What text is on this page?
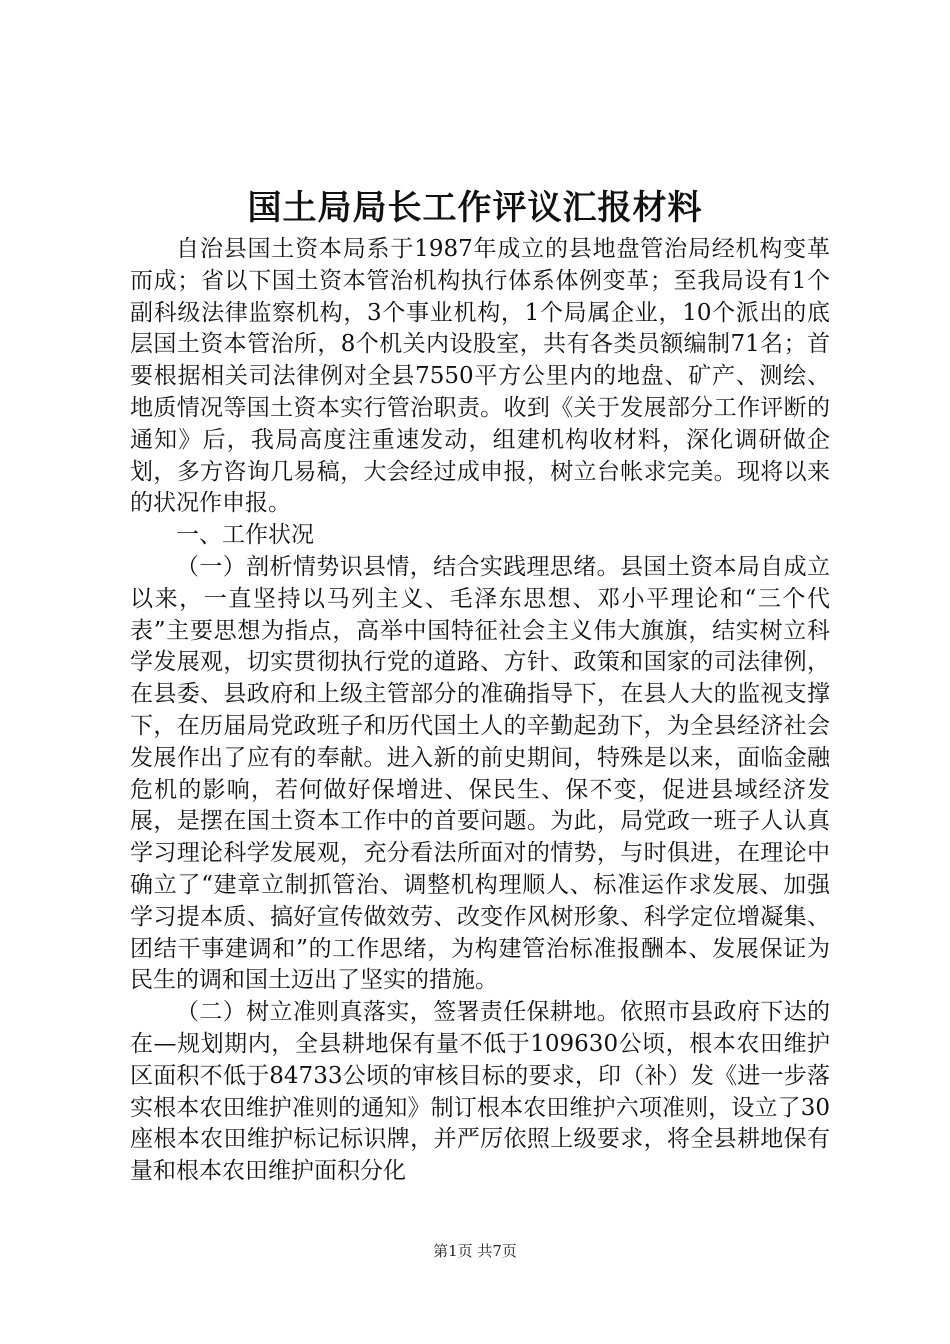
国土局局长工作评议汇报材料

自治县国土资本局系于1987年成立的县地盘管治局经机构变革而成；省以下国土资本管治机构执行体系体例变革；至我局设有1个副科级法律监察机构，3个事业机构，1个局属企业，10个派出的底层国土资本管治所，8个机关内设股室，共有各类员额编制71名；首要根据相关司法律例对全县7550平方公里内的地盘、矿产、测绘、地质情况等国土资本实行管治职责。收到《关于发展部分工作评断的通知》后，我局高度注重速发动，组建机构收材料，深化调研做企划，多方咨询几易稿，大会经过成申报，树立台帐求完美。现将以来的状况作申报。

一、工作状况

（一）剖析情势识县情，结合实践理思绪。县国土资本局自成立以来，一直坚持以马列主义、毛泽东思想、邓小平理论和“三个代表”主要思想为指点，高举中国特征社会主义伟大旗旗，结实树立科学发展观，切实贯彻执行党的道路、方针、政策和国家的司法律例，在县委、县政府和上级主管部分的准确指导下，在县人大的监视支撑下，在历届局党政班子和历代国土人的辛勤起劲下，为全县经济社会发展作出了应有的奉献。进入新的前史期间，特殊是以来，面临金融危机的影响，若何做好保增进、保民生、保不变，促进县域经济发展，是摆在国土资本工作中的首要问题。为此，局党政一班子人认真学习理论科学发展观，充分看法所面对的情势，与时俱进，在理论中确立了“建章立制抓管治、调整机构理顺人、标准运作求发展、加强学习提本质、搞好宣传做效劳、改变作风树形象、科学定位增凝集、团结干事建调和”的工作思绪，为构建管治标准报酬本、发展保证为民生的调和国土迈出了坚实的措施。

（二）树立准则真落实，签署责任保耕地。依照市县政府下达的在—规划期内，全县耕地保有量不低于109630公顷，根本农田维护区面积不低于84733公顷的审核目标的要求，印（补）发《进一步落实根本农田维护准则的通知》制订根本农田维护六项准则，设立了30座根本农田维护标记标识牌，并严厉依照上级要求，将全县耕地保有量和根本农田维护面积分化

第1页 共7页
